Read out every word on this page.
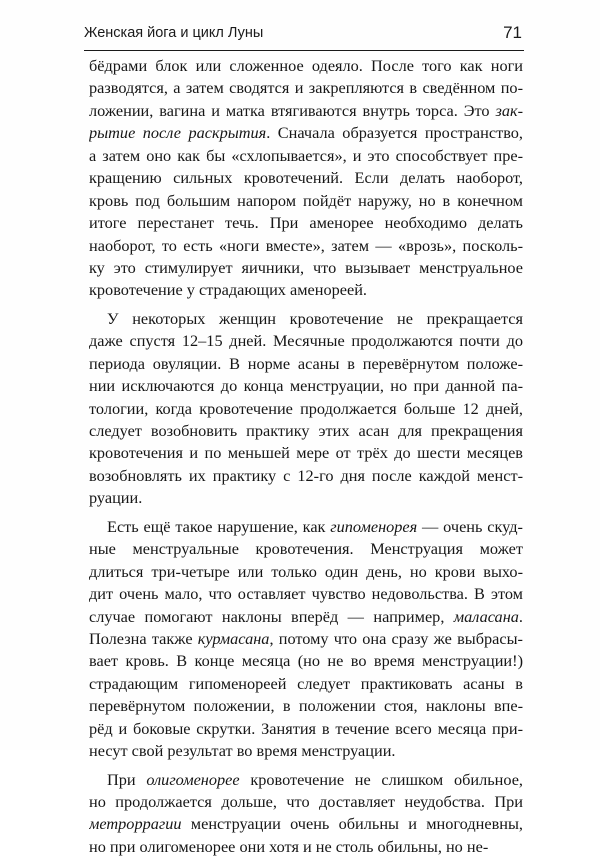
Женская йога и цикл Луны	71
бёдрами блок или сложенное одеяло. После того как ноги
разводятся, а затем сводятся и закрепляются в сведённом по-
ложении, вагина и матка втягиваются внутрь торса. Это зак-
рытие после раскрытия. Сначала образуется пространство,
а затем оно как бы «схлопывается», и это способствует пре-
кращению сильных кровотечений. Если делать наоборот,
кровь под большим напором пойдёт наружу, но в конечном
итоге перестанет течь. При аменорее необходимо делать
наоборот, то есть «ноги вместе», затем — «врозь», посколь-
ку это стимулирует яичники, что вызывает менструальное
кровотечение у страдающих аменореей.
У некоторых женщин кровотечение не прекращается
даже спустя 12–15 дней. Месячные продолжаются почти до
периода овуляции. В норме асаны в перевёрнутом положе-
нии исключаются до конца менструации, но при данной па-
тологии, когда кровотечение продолжается больше 12 дней,
следует возобновить практику этих асан для прекращения
кровотечения и по меньшей мере от трёх до шести месяцев
возобновлять их практику с 12-го дня после каждой менст-
руации.
Есть ещё такое нарушение, как гипоменорея — очень скуд-
ные менструальные кровотечения. Менструация может
длиться три-четыре или только один день, но крови выхо-
дит очень мало, что оставляет чувство недовольства. В этом
случае помогают наклоны вперёд — например, маласана.
Полезна также курмасана, потому что она сразу же выбрасы-
вает кровь. В конце месяца (но не во время менструации!)
страдающим гипоменореей следует практиковать асаны в
перевёрнутом положении, в положении стоя, наклоны впе-
рёд и боковые скрутки. Занятия в течение всего месяца при-
несут свой результат во время менструации.
При олигоменорее кровотечение не слишком обильное,
но продолжается дольше, что доставляет неудобства. При
метроррагии менструации очень обильны и многодневны,
но при олигоменорее они хотя и не столь обильны, но не-
